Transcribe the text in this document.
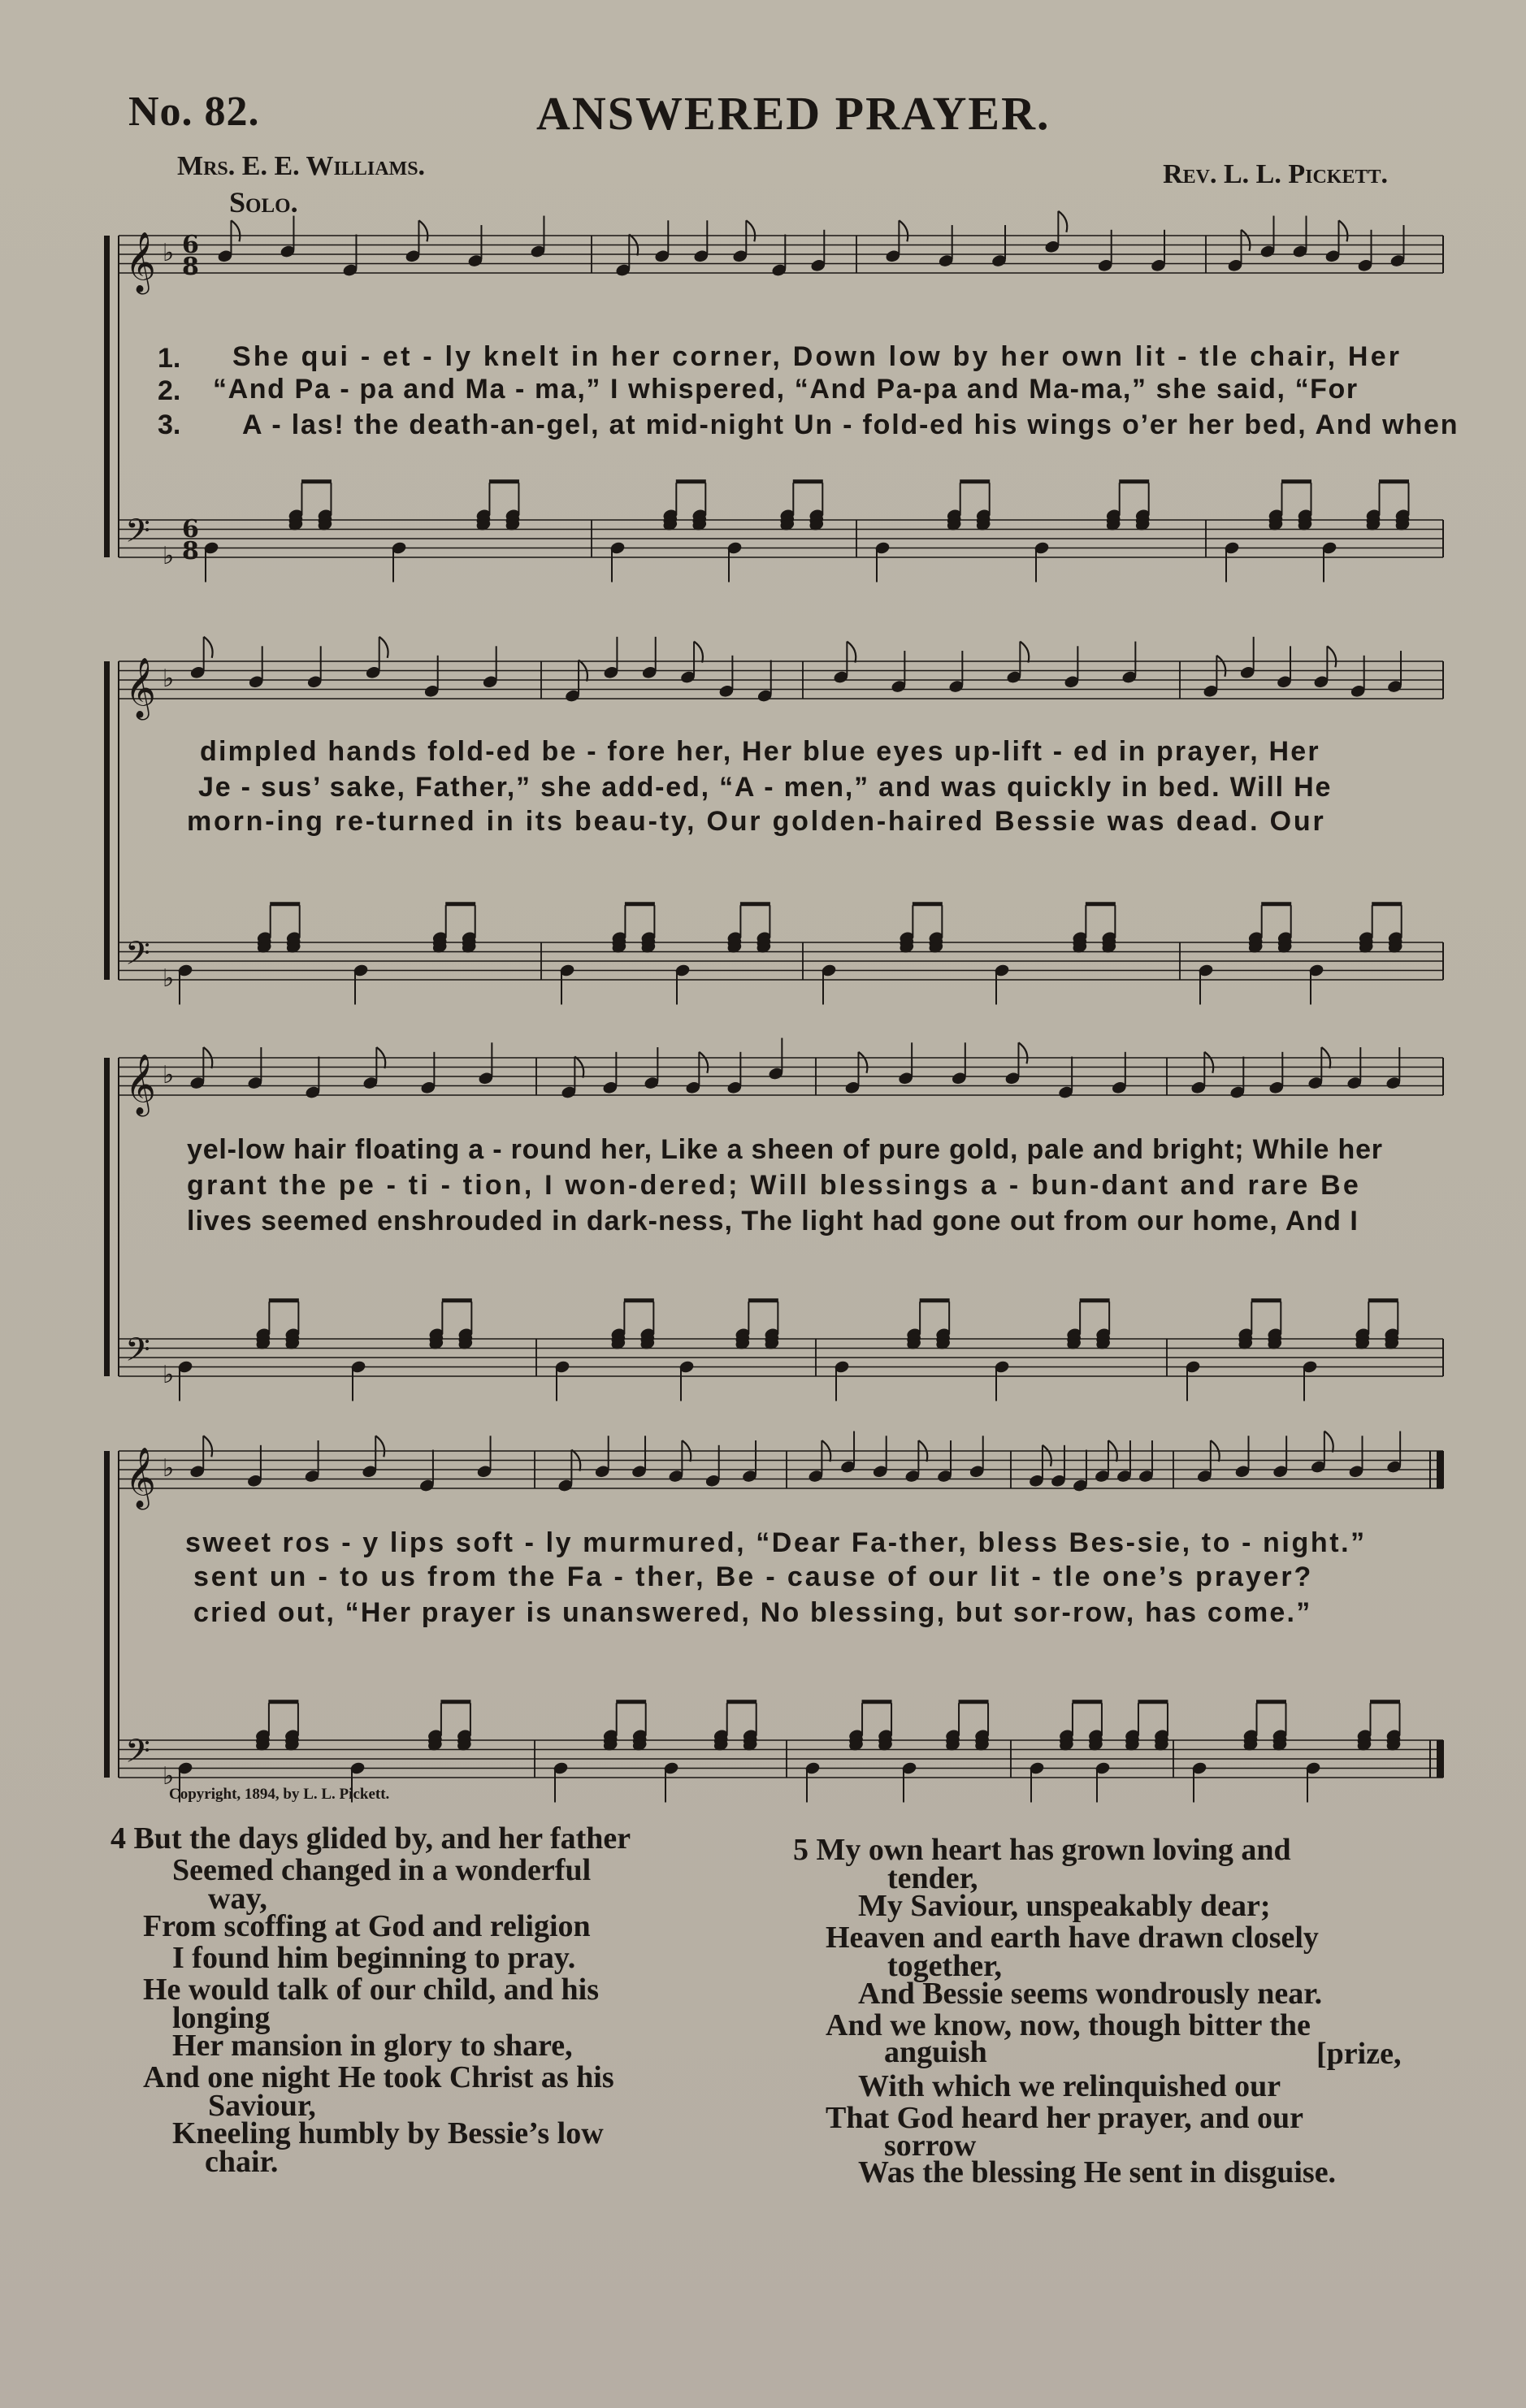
No. 82.	ANSWERED PRAYER.
Mrs. E. E. Williams.	Rev. L. L. Pickett.
Solo.
𝄞
𝄢
♭
♭
6
8
6
8
𝄞
𝄢
♭
♭
𝄞
𝄢
♭
♭
𝄞
𝄢
♭
♭
1. She qui - et - ly knelt in her corner, Down low by her own lit - tle chair, Her
2. “And Pa - pa and Ma - ma,” I whispered, “And Pa-pa and Ma-ma,” she said, “For
3. A - las! the death-an-gel, at mid-night Un - fold-ed his wings o’er her bed, And when
dimpled hands fold-ed be - fore her, Her blue eyes up-lift - ed in prayer, Her
Je - sus’ sake, Father,” she add-ed, “A - men,” and was quickly in bed. Will He
morn-ing re-turned in its beau-ty, Our golden-haired Bessie was dead. Our
yel-low hair floating a - round her, Like a sheen of pure gold, pale and bright; While her
grant the pe - ti - tion, I won-dered; Will blessings a - bun-dant and rare Be
lives seemed enshrouded in dark-ness, The light had gone out from our home, And I
sweet ros - y lips soft - ly murmured, “Dear Fa-ther, bless Bes-sie, to - night.”
sent un - to us from the Fa - ther, Be - cause of our lit - tle one’s prayer?
cried out, “Her prayer is unanswered, No blessing, but sor-row, has come.”
Copyright, 1894, by L. L. Pickett.
4 But the days glided by, and her father
Seemed changed in a wonderful
way,
From scoffing at God and religion
I found him beginning to pray.
He would talk of our child, and his
longing
Her mansion in glory to share,
And one night He took Christ as his
Saviour,
Kneeling humbly by Bessie’s low
chair.
5 My own heart has grown loving and
tender,
My Saviour, unspeakably dear;
Heaven and earth have drawn closely
together,
And Bessie seems wondrously near.
And we know, now, though bitter the
anguish	[prize,
With which we relinquished our
That God heard her prayer, and our
sorrow
Was the blessing He sent in disguise.
